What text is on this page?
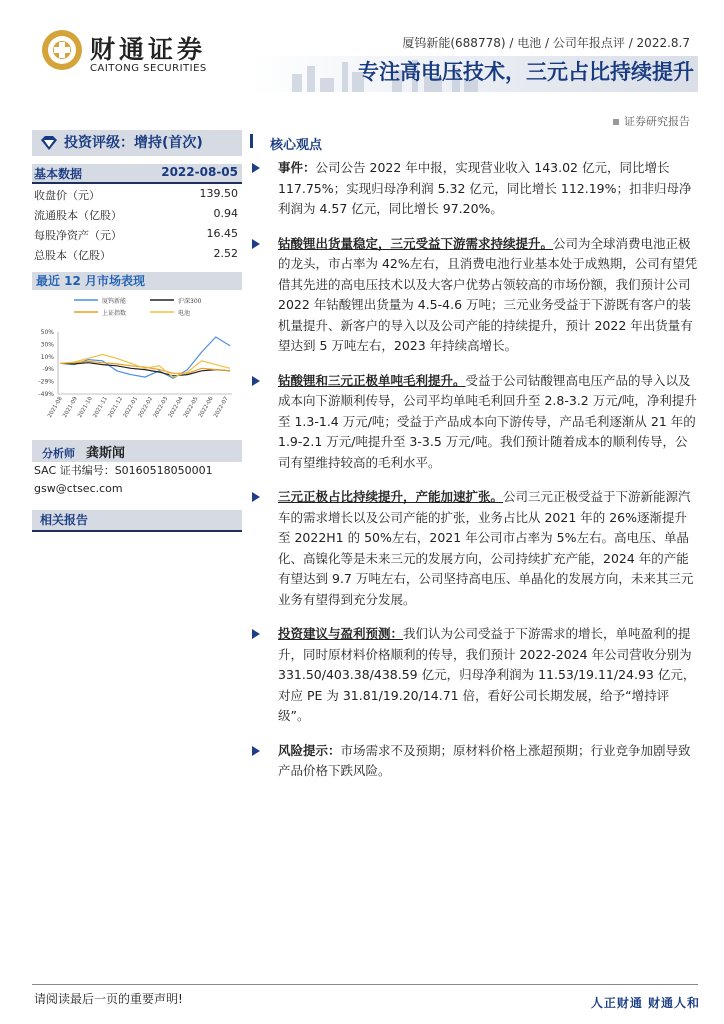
财通证券
CAITONG SECURITIES
厦钨新能(688778) / 电池 / 公司年报点评 / 2022.8.7
专注高电压技术，三元占比持续提升
证券研究报告
投资评级：增持(首次)
基本数据	2022-08-05
收盘价（元）	139.50
流通股本（亿股）	0.94
每股净资产（元）	16.45
总股本（亿股）	2.52
最近 12 月市场表现
厦钨新能	沪深300
上证指数	电池
50%
30%
10%
-9%
-29%
-49%
2021-08
2021-09
2021-10
2021-11
2021-12
2022-01
2022-02
2022-03
2022-04
2022-05
2022-06
2022-07
分析师 龚斯闻
SAC 证书编号：S0160518050001
gsw@ctsec.com
相关报告
核心观点
事件：公司公告 2022 年中报，实现营业收入 143.02 亿元，同比增长 117.75%；实现归母净利润 5.32 亿元，同比增长 112.19%；扣非归母净利润为 4.57 亿元，同比增长 97.20%。
钴酸锂出货量稳定，三元受益下游需求持续提升。公司为全球消费电池正极的龙头，市占率为 42%左右，且消费电池行业基本处于成熟期，公司有望凭借其先进的高电压技术以及大客户优势占领较高的市场份额，我们预计公司 2022 年钴酸锂出货量为 4.5-4.6 万吨；三元业务受益于下游既有客户的装机量提升、新客户的导入以及公司产能的持续提升，预计 2022 年出货量有望达到 5 万吨左右，2023 年持续高增长。
钴酸锂和三元正极单吨毛利提升。受益于公司钴酸锂高电压产品的导入以及成本向下游顺利传导，公司平均单吨毛利回升至 2.8-3.2 万元/吨，净利提升至 1.3-1.4 万元/吨；受益于产品成本向下游传导，产品毛利逐渐从 21 年的 1.9-2.1 万元/吨提升至 3-3.5 万元/吨。我们预计随着成本的顺利传导，公司有望维持较高的毛利水平。
三元正极占比持续提升，产能加速扩张。公司三元正极受益于下游新能源汽车的需求增长以及公司产能的扩张，业务占比从 2021 年的 26%逐渐提升至 2022H1 的 50%左右，2021 年公司市占率为 5%左右。高电压、单晶化、高镍化等是未来三元的发展方向，公司持续扩充产能，2024 年的产能有望达到 9.7 万吨左右，公司坚持高电压、单晶化的发展方向，未来其三元业务有望得到充分发展。
投资建议与盈利预测：我们认为公司受益于下游需求的增长，单吨盈利的提升，同时原材料价格顺利的传导，我们预计 2022-2024 年公司营收分别为 331.50/403.38/438.59 亿元，归母净利润为 11.53/19.11/24.93 亿元，对应 PE 为 31.81/19.20/14.71 倍，看好公司长期发展，给予“增持评级”。
风险提示：市场需求不及预期；原材料价格上涨超预期；行业竞争加剧导致产品价格下跌风险。
请阅读最后一页的重要声明!	人正财通 财通人和
